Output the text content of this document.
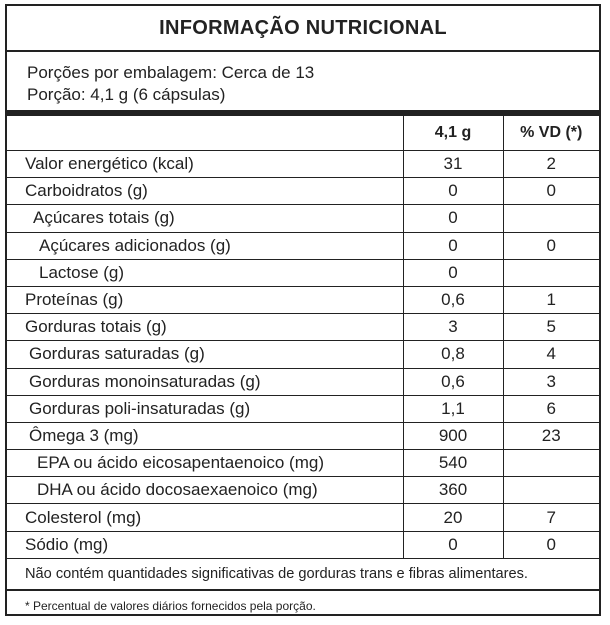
INFORMAÇÃO NUTRICIONAL
Porções por embalagem: Cerca de 13
Porção: 4,1 g (6 cápsulas)
	4,1 g	% VD (*)
Valor energético (kcal)	31	2
Carboidratos (g)	0	0
Açúcares totais (g)	0	
Açúcares adicionados (g)	0	0
Lactose (g)	0	
Proteínas (g)	0,6	1
Gorduras totais (g)	3	5
Gorduras saturadas (g)	0,8	4
Gorduras monoinsaturadas (g)	0,6	3
Gorduras poli-insaturadas (g)	1,1	6
Ômega 3 (mg)	900	23
EPA ou ácido eicosapentaenoico (mg)	540	
DHA ou ácido docosaexaenoico (mg)	360	
Colesterol (mg)	20	7
Sódio (mg)	0	0
Não contém quantidades significativas de gorduras trans e fibras alimentares.
* Percentual de valores diários fornecidos pela porção.
